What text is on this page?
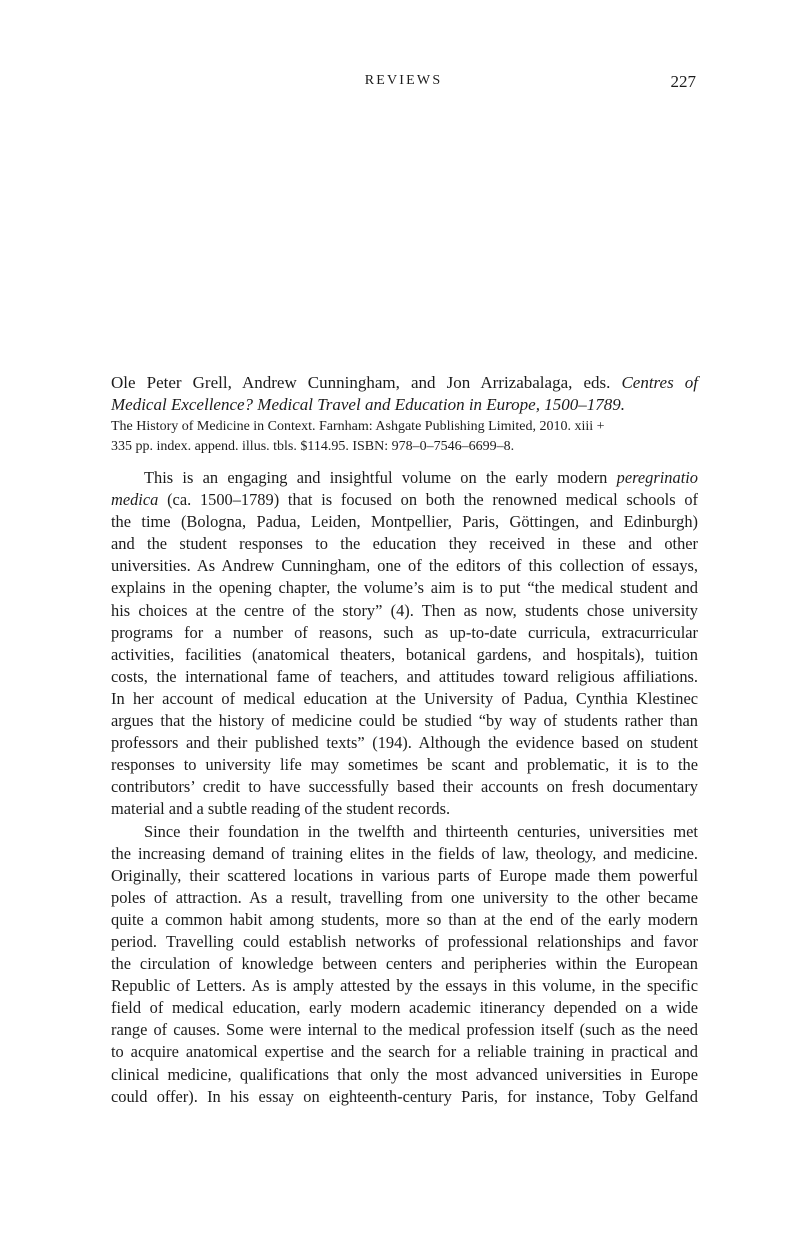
REVIEWS	227
Ole Peter Grell, Andrew Cunningham, and Jon Arrizabalaga, eds. Centres of
Medical Excellence? Medical Travel and Education in Europe, 1500–1789.
The History of Medicine in Context. Farnham: Ashgate Publishing Limited, 2010. xiii +
335 pp. index. append. illus. tbls. $114.95. ISBN: 978–0–7546–6699–8.
This is an engaging and insightful volume on the early modern peregrinatio
medica (ca. 1500–1789) that is focused on both the renowned medical schools of
the time (Bologna, Padua, Leiden, Montpellier, Paris, Göttingen, and Edinburgh)
and the student responses to the education they received in these and other
universities. As Andrew Cunningham, one of the editors of this collection of essays,
explains in the opening chapter, the volume’s aim is to put “the medical student and
his choices at the centre of the story” (4). Then as now, students chose university
programs for a number of reasons, such as up-to-date curricula, extracurricular
activities, facilities (anatomical theaters, botanical gardens, and hospitals), tuition
costs, the international fame of teachers, and attitudes toward religious affiliations.
In her account of medical education at the University of Padua, Cynthia Klestinec
argues that the history of medicine could be studied “by way of students rather than
professors and their published texts” (194). Although the evidence based on student
responses to university life may sometimes be scant and problematic, it is to the
contributors’ credit to have successfully based their accounts on fresh documentary
material and a subtle reading of the student records.
Since their foundation in the twelfth and thirteenth centuries, universities met
the increasing demand of training elites in the fields of law, theology, and medicine.
Originally, their scattered locations in various parts of Europe made them powerful
poles of attraction. As a result, travelling from one university to the other became
quite a common habit among students, more so than at the end of the early modern
period. Travelling could establish networks of professional relationships and favor
the circulation of knowledge between centers and peripheries within the European
Republic of Letters. As is amply attested by the essays in this volume, in the specific
field of medical education, early modern academic itinerancy depended on a wide
range of causes. Some were internal to the medical profession itself (such as the need
to acquire anatomical expertise and the search for a reliable training in practical and
clinical medicine, qualifications that only the most advanced universities in Europe
could offer). In his essay on eighteenth-century Paris, for instance, Toby Gelfand
